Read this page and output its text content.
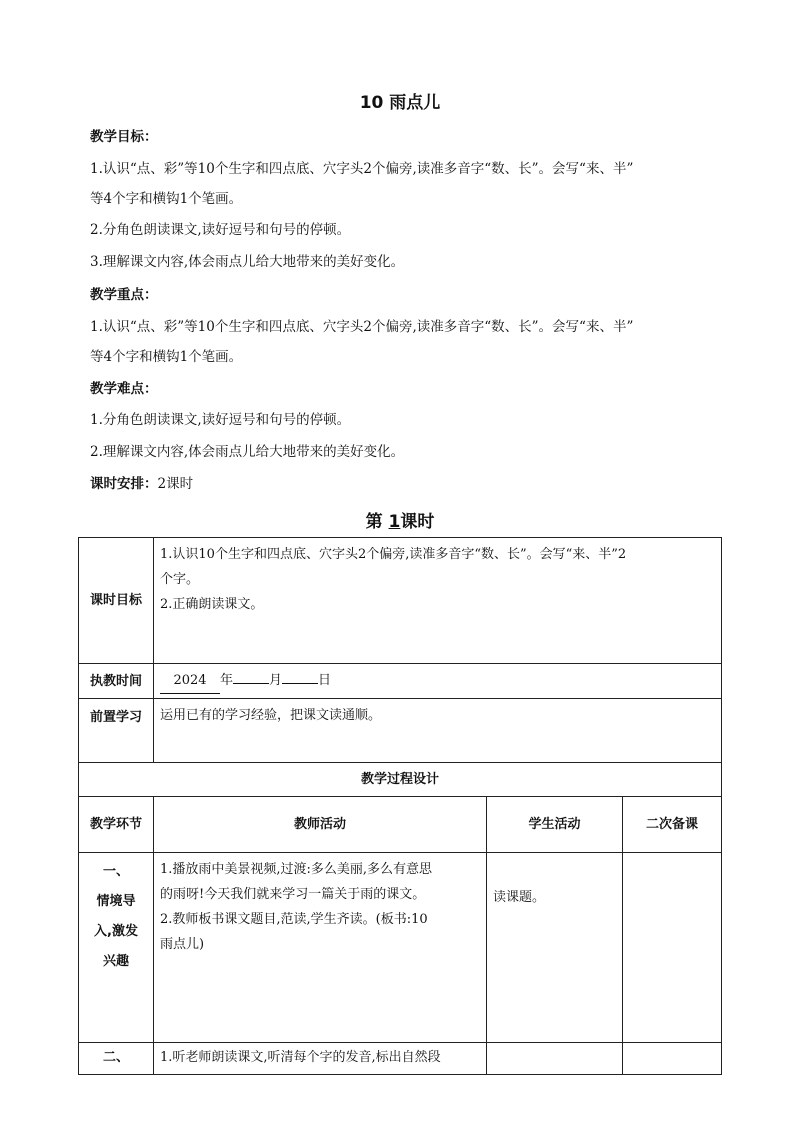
10 雨点儿
教学目标：
1.认识“点、彩”等10个生字和四点底、穴字头2个偏旁,读准多音字“数、长”。会写“来、半”
等4个字和横钩1个笔画。
2.分角色朗读课文,读好逗号和句号的停顿。
3.理解课文内容,体会雨点儿给大地带来的美好变化。
教学重点：
1.认识“点、彩”等10个生字和四点底、穴字头2个偏旁,读准多音字“数、长”。会写“来、半”
等4个字和横钩1个笔画。
教学难点：
1.分角色朗读课文,读好逗号和句号的停顿。
2.理解课文内容,体会雨点儿给大地带来的美好变化。
课时安排：2课时
第 1课时
课时目标	1.认识10个生字和四点底、穴字头2个偏旁,读准多音字“数、长”。会写“来、半”2
个字。
2.正确朗读课文。		

执教时间	2024 年 月 日		
前置学习	运用已有的学习经验，把课文读通顺。		
教学过程设计			
教学环节	教师活动	学生活动	二次备课

一、
情境导
入,激发
兴趣	1.播放雨中美景视频,过渡:多么美丽,多么有意思
的雨呀!今天我们就来学习一篇关于雨的课文。
2.教师板书课文题目,范读,学生齐读。(板书:10
雨点儿)	读课题。	

二、	1.听老师朗读课文,听清每个字的发音,标出自然段		
